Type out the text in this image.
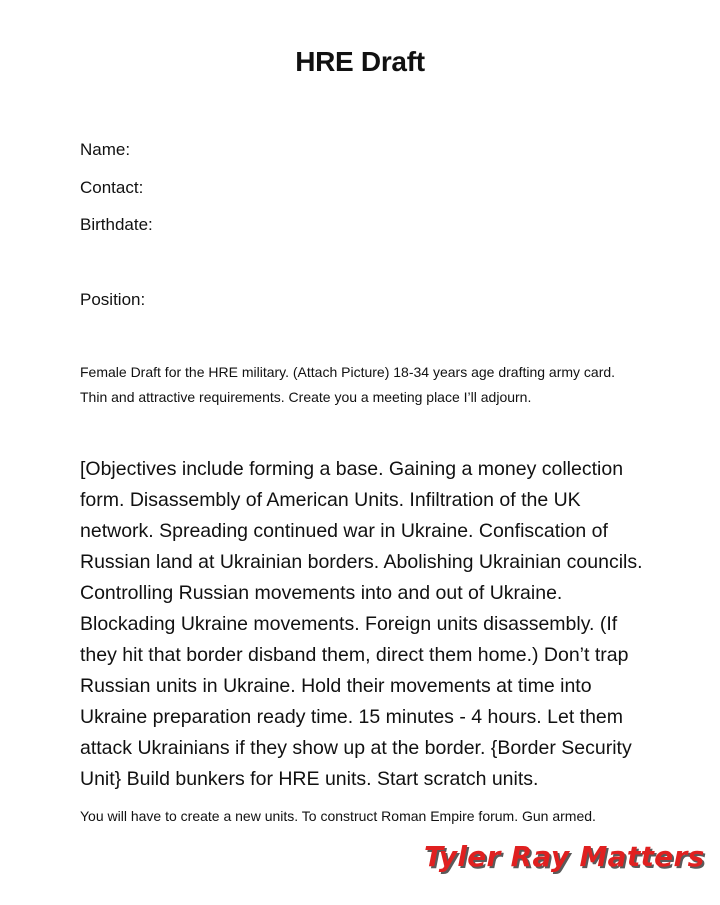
HRE Draft
Name:
Contact:
Birthdate:
Position:
Female Draft for the HRE military. (Attach Picture) 18-34 years age drafting army card. Thin and attractive requirements. Create you a meeting place I’ll adjourn.
[Objectives include forming a base. Gaining a money collection form. Disassembly of American Units. Infiltration of the UK network. Spreading continued war in Ukraine. Confiscation of Russian land at Ukrainian borders. Abolishing Ukrainian councils. Controlling Russian movements into and out of Ukraine. Blockading Ukraine movements. Foreign units disassembly. (If they hit that border disband them, direct them home.) Don’t trap Russian units in Ukraine. Hold their movements at time into Ukraine preparation ready time. 15 minutes - 4 hours. Let them attack Ukrainians if they show up at the border. {Border Security Unit} Build bunkers for HRE units. Start scratch units.
You will have to create a new units. To construct Roman Empire forum. Gun armed.
Tyler Ray Matters
